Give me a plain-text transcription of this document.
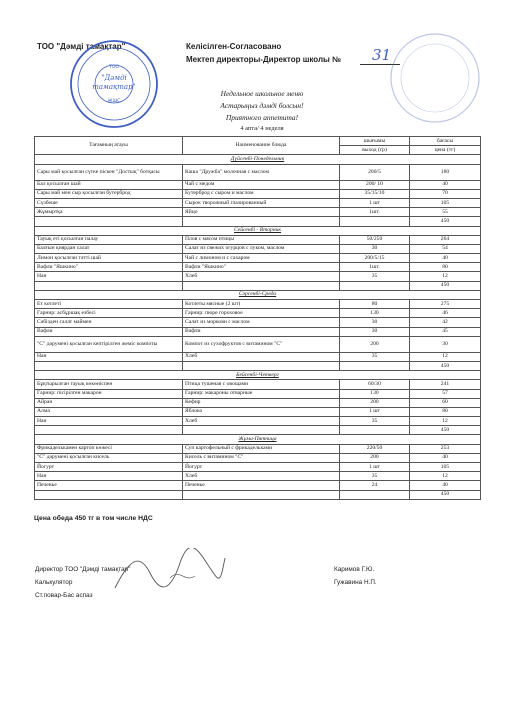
ТОО "Дәмді тамақтар"	Келісілген-Согласовано
Мектеп директоры-Директор школы № 31
"Дәмді
тамақтар"
ЖШС
ТОО
Недельное школьное меню
Астарыңыз дәмді болсын!
Приятного аппетита!
4 апта/ 4 неделя
Тағамның атауы	Наименование блюда	шығымы	бағасы
		выход (гр)	цена (тг)
Дүйсенбі-Понедельник			
Сары май қосылған сүтке піскен "Достық" ботқасы	Каша "Дружба" молочная с маслом	200/5	180
Бал қосылған шай	Чай с медом	200/ 10	40
Сары май мен сыр қосылған бутерброд	Бутерброд с сыром и маслом	35/15/10	70
Сүзбеше	Сырок творожный глазированный	1 шт	105
Жұмыртқа	Яйцо	1шт.	55
			450
Сейсенбі - Вторник			
Тауық еті қосылған палау	Плов с мясом птицы	50/250	264
Балғын қиярдан салат	Салат из свежих огурцов с луком, маслом	30	54
Лимон қосылған тәтті шай	Чай с лимоном и с сахаром	200/5/15	40
Вафли "Яшкино"	Вафли "Яшкино"	1шт.	80
Нан	Хлеб	35	12
			450
Сәрсенбі-Среда			
Ет котлеті	Котлеты мясные (2 шт)	80	275
Гарнир: асбұршақ езбесі	Гарнир: пюре гороховое	130	46
Сәбізден салат маймен	Салат из моркови с маслом	30	42
Вафли	Вафли	30	45
"С" дәрумені қосылған кептірілген жеміс компоты	Компот из сухофруктов с витамином "С"	200	30
Нан	Хлеб	35	12
			450
Бейсенбі-Четверг			
Бұқтырылған тауық көкөніспен	Птица тушеная с овощами	60/30	241
Гарнир: пісірілген макарон	Гарнир: макароны отварные	130	57
Айран	Кефир	200	60
Алма	Яблоко	1 шт	80
Нан	Хлеб	35	12
			450
Жұма-Пятница			
Фрикаделькамен картоп көжесі	Суп картофельный с фрикадельками	220/50	253
"С" дәрумені қосылған кисель	Кисель с витамином "С"	200	40
Йогурт	Йогурт	1 шт	105
Нан	Хлеб	35	12
Печенье	Печенье	24	40
			450
Цена обеда 450 тг в том числе НДС
Директор ТОО "Дэмді тамақтар"
Калькулятор
Ст.повар-Бас аспаз
Каримов Г.Ю.
Гужавина Н.П.
